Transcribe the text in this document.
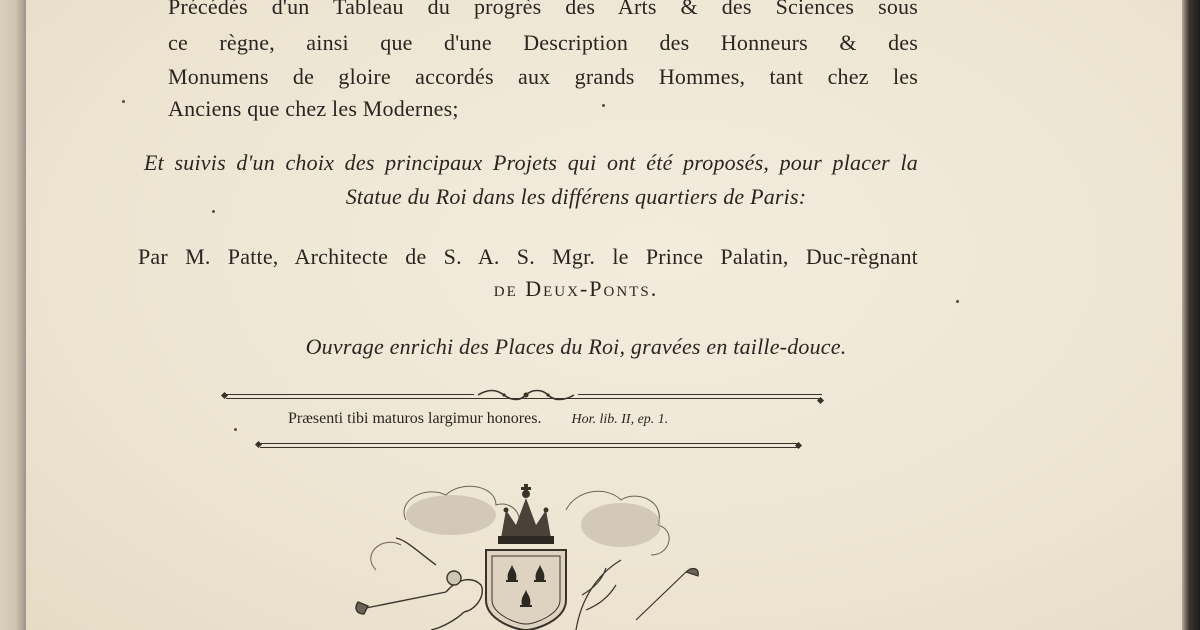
Précédés d'un Tableau du progrès des Arts & des Sciences sous
ce règne, ainsi que d'une Description des Honneurs & des
Monumens de gloire accordés aux grands Hommes, tant chez les
Anciens que chez les Modernes;
Et suivis d'un choix des principaux Projets qui ont été proposés, pour placer la
Statue du Roi dans les différens quartiers de Paris:
Par M. Patte, Architecte de S. A. S. Mgr. le Prince Palatin, Duc-règnant
de Deux-Ponts.
Ouvrage enrichi des Places du Roi, gravées en taille-douce.
Præsenti tibi maturos largimur honores. Hor. lib. II, ep. 1.
